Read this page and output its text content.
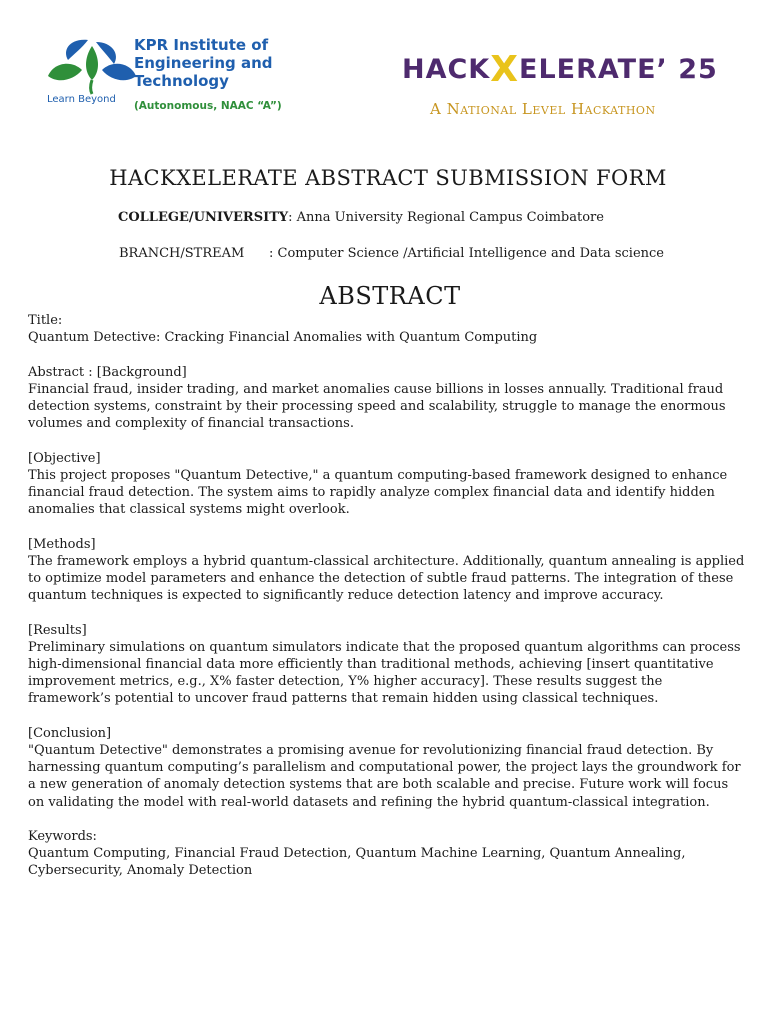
Learn Beyond
KPR Institute of
Engineering and
Technology
(Autonomous, NAAC “A”)
HACKXELERATE’ 25
A National Level Hackathon
HACKXELERATE ABSTRACT SUBMISSION FORM
COLLEGE/UNIVERSITY: Anna University Regional Campus Coimbatore
BRANCH/STREAM : Computer Science /Artificial Intelligence and Data science
ABSTRACT

Title:
Quantum Detective: Cracking Financial Anomalies with Quantum Computing

Abstract : [Background]
Financial fraud, insider trading, and market anomalies cause billions in losses annually. Traditional fraud detection systems, constraint by their processing speed and scalability, struggle to manage the enormous volumes and complexity of financial transactions.

[Objective]
This project proposes "Quantum Detective," a quantum computing-based framework designed to enhance financial fraud detection. The system aims to rapidly analyze complex financial data and identify hidden anomalies that classical systems might overlook.

[Methods]
The framework employs a hybrid quantum-classical architecture. Additionally, quantum annealing is applied to optimize model parameters and enhance the detection of subtle fraud patterns. The integration of these quantum techniques is expected to significantly reduce detection latency and improve accuracy.

[Results]
Preliminary simulations on quantum simulators indicate that the proposed quantum algorithms can process high-dimensional financial data more efficiently than traditional methods, achieving [insert quantitative improvement metrics, e.g., X% faster detection, Y% higher accuracy]. These results suggest the framework’s potential to uncover fraud patterns that remain hidden using classical techniques.

[Conclusion]
"Quantum Detective" demonstrates a promising avenue for revolutionizing financial fraud detection. By harnessing quantum computing’s parallelism and computational power, the project lays the groundwork for a new generation of anomaly detection systems that are both scalable and precise. Future work will focus on validating the model with real-world datasets and refining the hybrid quantum-classical integration.

Keywords:
Quantum Computing, Financial Fraud Detection, Quantum Machine Learning, Quantum Annealing, Cybersecurity, Anomaly Detection
